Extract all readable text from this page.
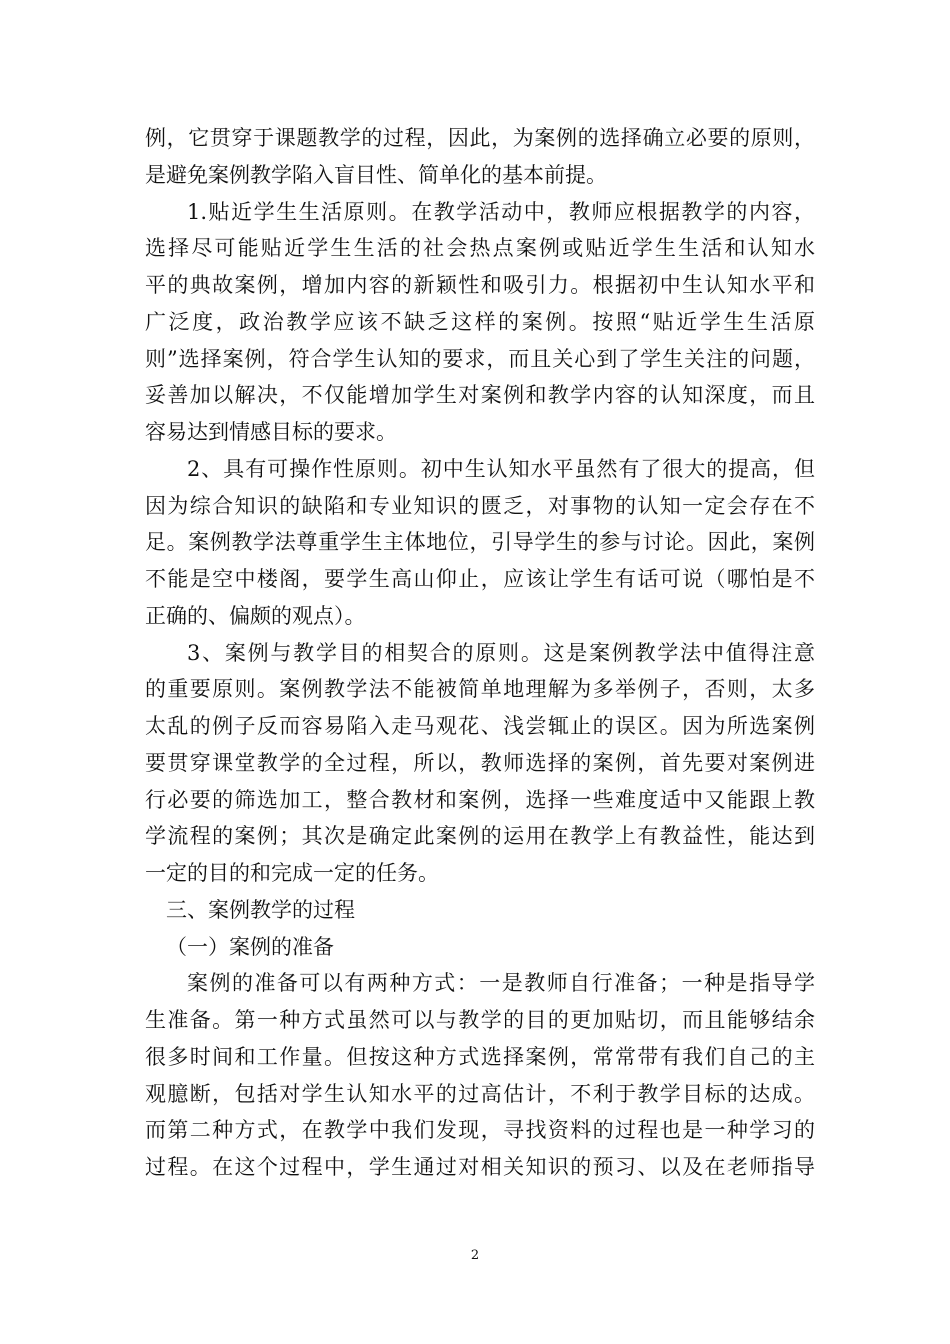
例，它贯穿于课题教学的过程，因此，为案例的选择确立必要的原则，
是避免案例教学陷入盲目性、简单化的基本前提。
1.贴近学生生活原则。在教学活动中，教师应根据教学的内容，
选择尽可能贴近学生生活的社会热点案例或贴近学生生活和认知水
平的典故案例，增加内容的新颖性和吸引力。根据初中生认知水平和
广泛度，政治教学应该不缺乏这样的案例。按照“贴近学生生活原
则”选择案例，符合学生认知的要求，而且关心到了学生关注的问题，
妥善加以解决，不仅能增加学生对案例和教学内容的认知深度，而且
容易达到情感目标的要求。
2、具有可操作性原则。初中生认知水平虽然有了很大的提高，但
因为综合知识的缺陷和专业知识的匮乏，对事物的认知一定会存在不
足。案例教学法尊重学生主体地位，引导学生的参与讨论。因此，案例
不能是空中楼阁，要学生高山仰止，应该让学生有话可说（哪怕是不
正确的、偏颇的观点）。
3、案例与教学目的相契合的原则。这是案例教学法中值得注意
的重要原则。案例教学法不能被简单地理解为多举例子，否则，太多
太乱的例子反而容易陷入走马观花、浅尝辄止的误区。因为所选案例
要贯穿课堂教学的全过程，所以，教师选择的案例，首先要对案例进
行必要的筛选加工，整合教材和案例，选择一些难度适中又能跟上教
学流程的案例；其次是确定此案例的运用在教学上有教益性，能达到
一定的目的和完成一定的任务。
三、案例教学的过程
（一）案例的准备
案例的准备可以有两种方式：一是教师自行准备；一种是指导学
生准备。第一种方式虽然可以与教学的目的更加贴切，而且能够结余
很多时间和工作量。但按这种方式选择案例，常常带有我们自己的主
观臆断，包括对学生认知水平的过高估计，不利于教学目标的达成。
而第二种方式，在教学中我们发现，寻找资料的过程也是一种学习的
过程。在这个过程中，学生通过对相关知识的预习、以及在老师指导
2
